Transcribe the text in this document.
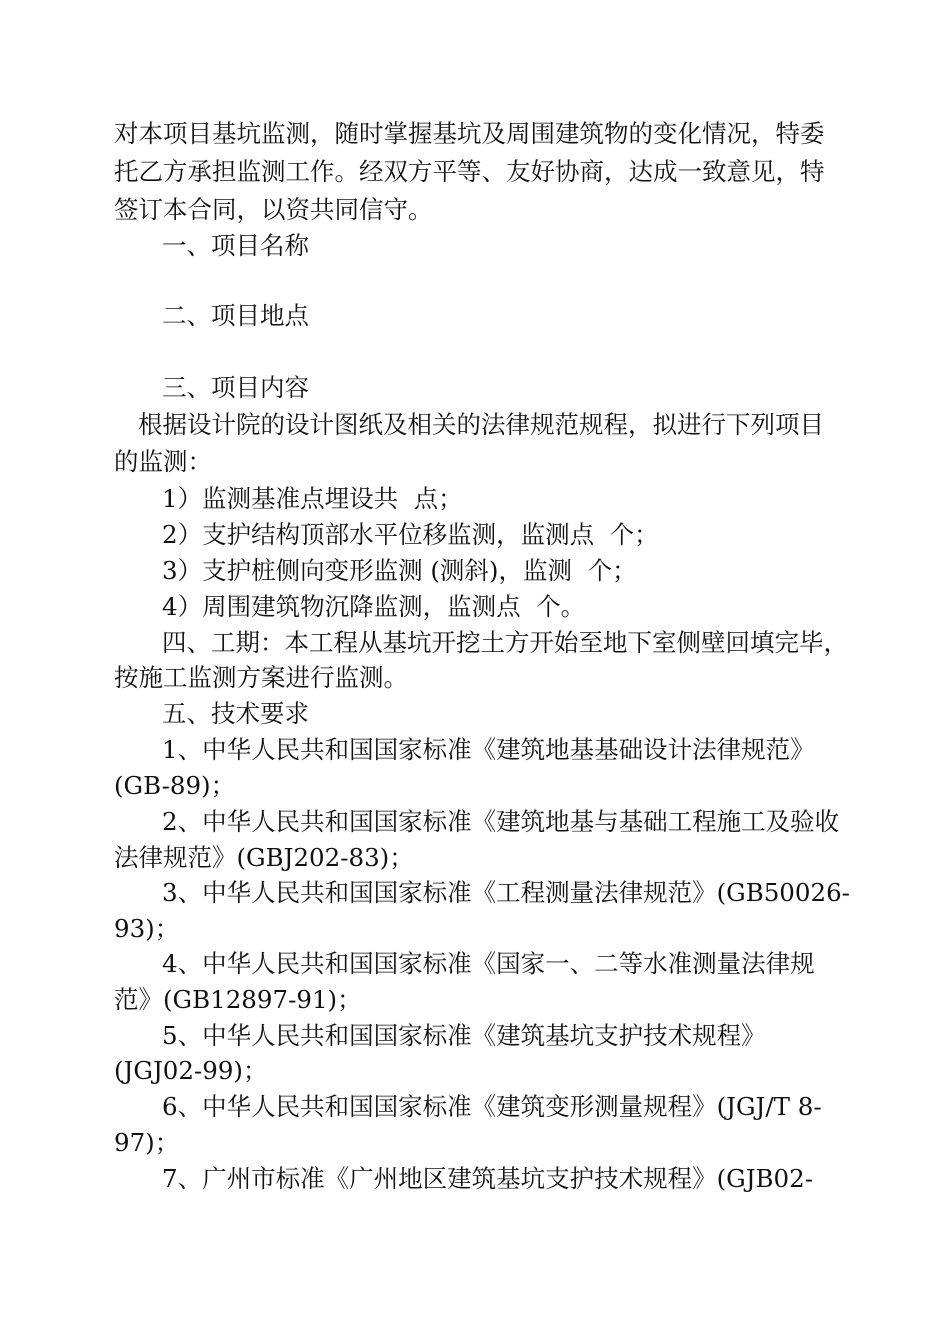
对本项目基坑监测，随时掌握基坑及周围建筑物的变化情况，特委
托乙方承担监测工作。经双方平等、友好协商，达成一致意见，特
签订本合同，以资共同信守。
一、项目名称
二、项目地点
三、项目内容
根据设计院的设计图纸及相关的法律规范规程，拟进行下列项目
的监测：
1）监测基准点埋设共  点；
2）支护结构顶部水平位移监测，监测点  个；
3）支护桩侧向变形监测 (测斜)，监测  个；
4）周围建筑物沉降监测，监测点  个。
四、工期：本工程从基坑开挖土方开始至地下室侧壁回填完毕，
按施工监测方案进行监测。
五、技术要求
1、中华人民共和国国家标准《建筑地基基础设计法律规范》
(GB-89)；
2、中华人民共和国国家标准《建筑地基与基础工程施工及验收
法律规范》(GBJ202-83)；
3、中华人民共和国国家标准《工程测量法律规范》(GB50026-
93)；
4、中华人民共和国国家标准《国家一、二等水准测量法律规
范》(GB12897-91)；
5、中华人民共和国国家标准《建筑基坑支护技术规程》
(JGJ02-99)；
6、中华人民共和国国家标准《建筑变形测量规程》(JGJ/T 8-
97)；
7、广州市标准《广州地区建筑基坑支护技术规程》(GJB02-
